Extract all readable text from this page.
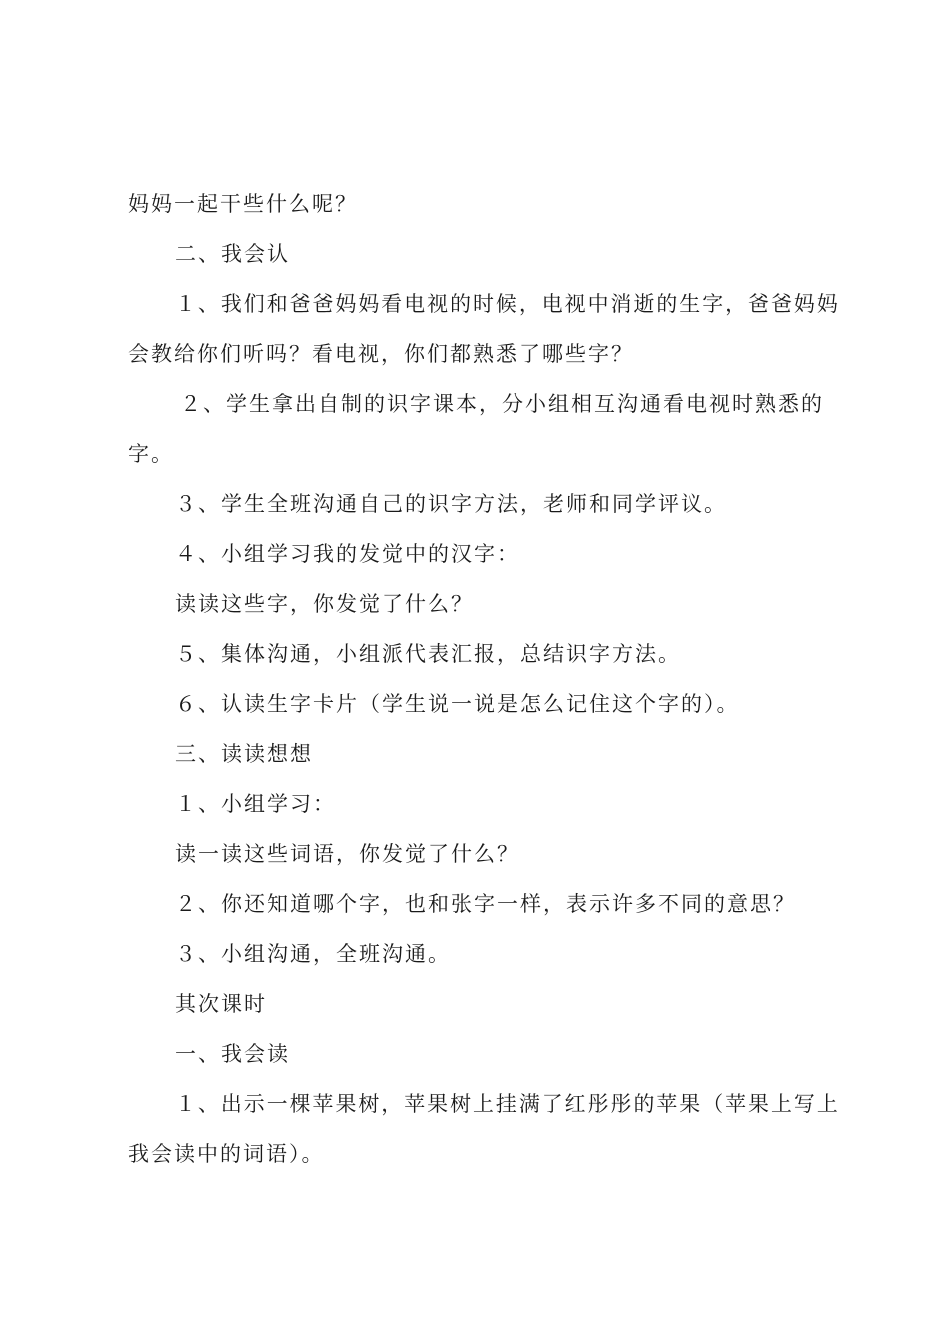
妈妈一起干些什么呢？
二、我会认
１、我们和爸爸妈妈看电视的时候，电视中消逝的生字，爸爸妈妈
会教给你们听吗？看电视，你们都熟悉了哪些字？
２、学生拿出自制的识字课本，分小组相互沟通看电视时熟悉的
字。
３、学生全班沟通自己的识字方法，老师和同学评议。
４、小组学习我的发觉中的汉字：
读读这些字，你发觉了什么？
５、集体沟通，小组派代表汇报，总结识字方法。
６、认读生字卡片（学生说一说是怎么记住这个字的）。
三、读读想想
１、小组学习：
读一读这些词语，你发觉了什么？
２、你还知道哪个字，也和张字一样，表示许多不同的意思？
３、小组沟通，全班沟通。
其次课时
一、我会读
１、出示一棵苹果树，苹果树上挂满了红彤彤的苹果（苹果上写上
我会读中的词语）。
